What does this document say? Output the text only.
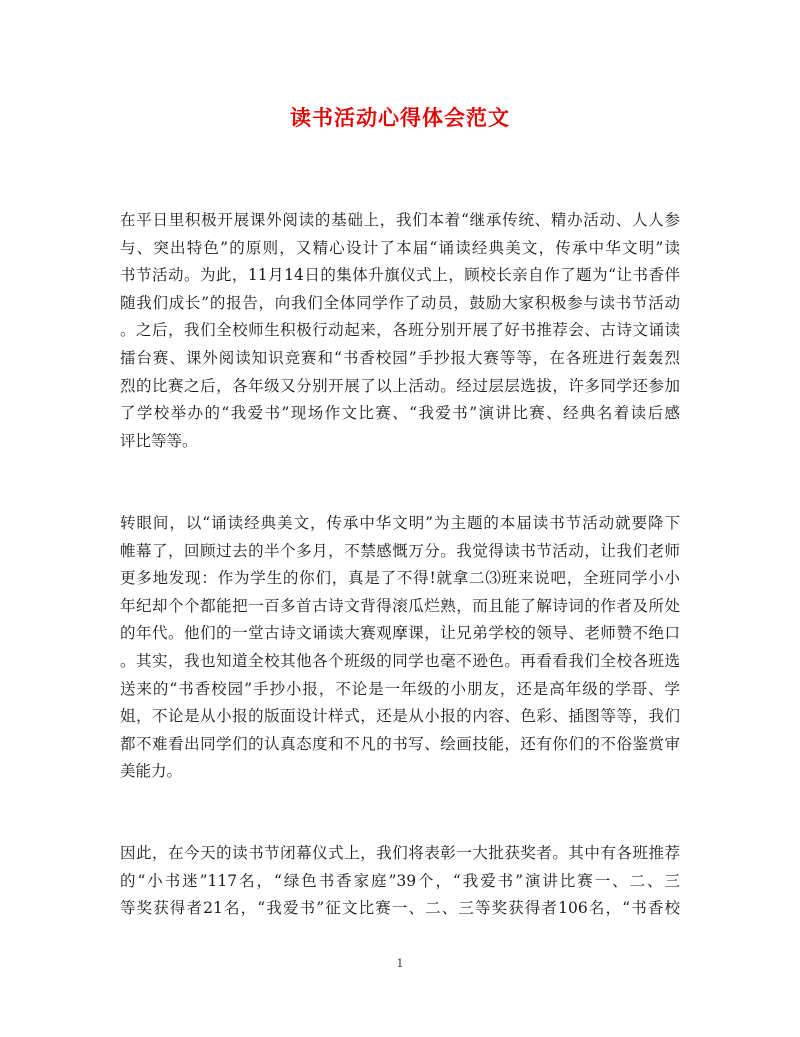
读书活动心得体会范文

在平日里积极开展课外阅读的基础上，我们本着“继承传统、精办活动、人人参
与、突出特色”的原则，又精心设计了本届“诵读经典美文，传承中华文明”读
书节活动。为此，11月14日的集体升旗仪式上，顾校长亲自作了题为“让书香伴
随我们成长”的报告，向我们全体同学作了动员，鼓励大家积极参与读书节活动
。之后，我们全校师生积极行动起来，各班分别开展了好书推荐会、古诗文诵读
擂台赛、课外阅读知识竞赛和“书香校园”手抄报大赛等等，在各班进行轰轰烈
烈的比赛之后，各年级又分别开展了以上活动。经过层层选拔，许多同学还参加
了学校举办的“我爱书”现场作文比赛、“我爱书”演讲比赛、经典名着读后感
评比等等。

转眼间，以“诵读经典美文，传承中华文明”为主题的本届读书节活动就要降下
帷幕了，回顾过去的半个多月，不禁感慨万分。我觉得读书节活动，让我们老师
更多地发现：作为学生的你们，真是了不得!就拿二⑶班来说吧，全班同学小小
年纪却个个都能把一百多首古诗文背得滚瓜烂熟，而且能了解诗词的作者及所处
的年代。他们的一堂古诗文诵读大赛观摩课，让兄弟学校的领导、老师赞不绝口
。其实，我也知道全校其他各个班级的同学也毫不逊色。再看看我们全校各班选
送来的“书香校园”手抄小报，不论是一年级的小朋友，还是高年级的学哥、学
姐，不论是从小报的版面设计样式，还是从小报的内容、色彩、插图等等，我们
都不难看出同学们的认真态度和不凡的书写、绘画技能，还有你们的不俗鉴赏审
美能力。

因此，在今天的读书节闭幕仪式上，我们将表彰一大批获奖者。其中有各班推荐
的“小书迷”117名，“绿色书香家庭”39个，“我爱书”演讲比赛一、二、三
等奖获得者21名，“我爱书”征文比赛一、二、三等奖获得者106名，“书香校

1
